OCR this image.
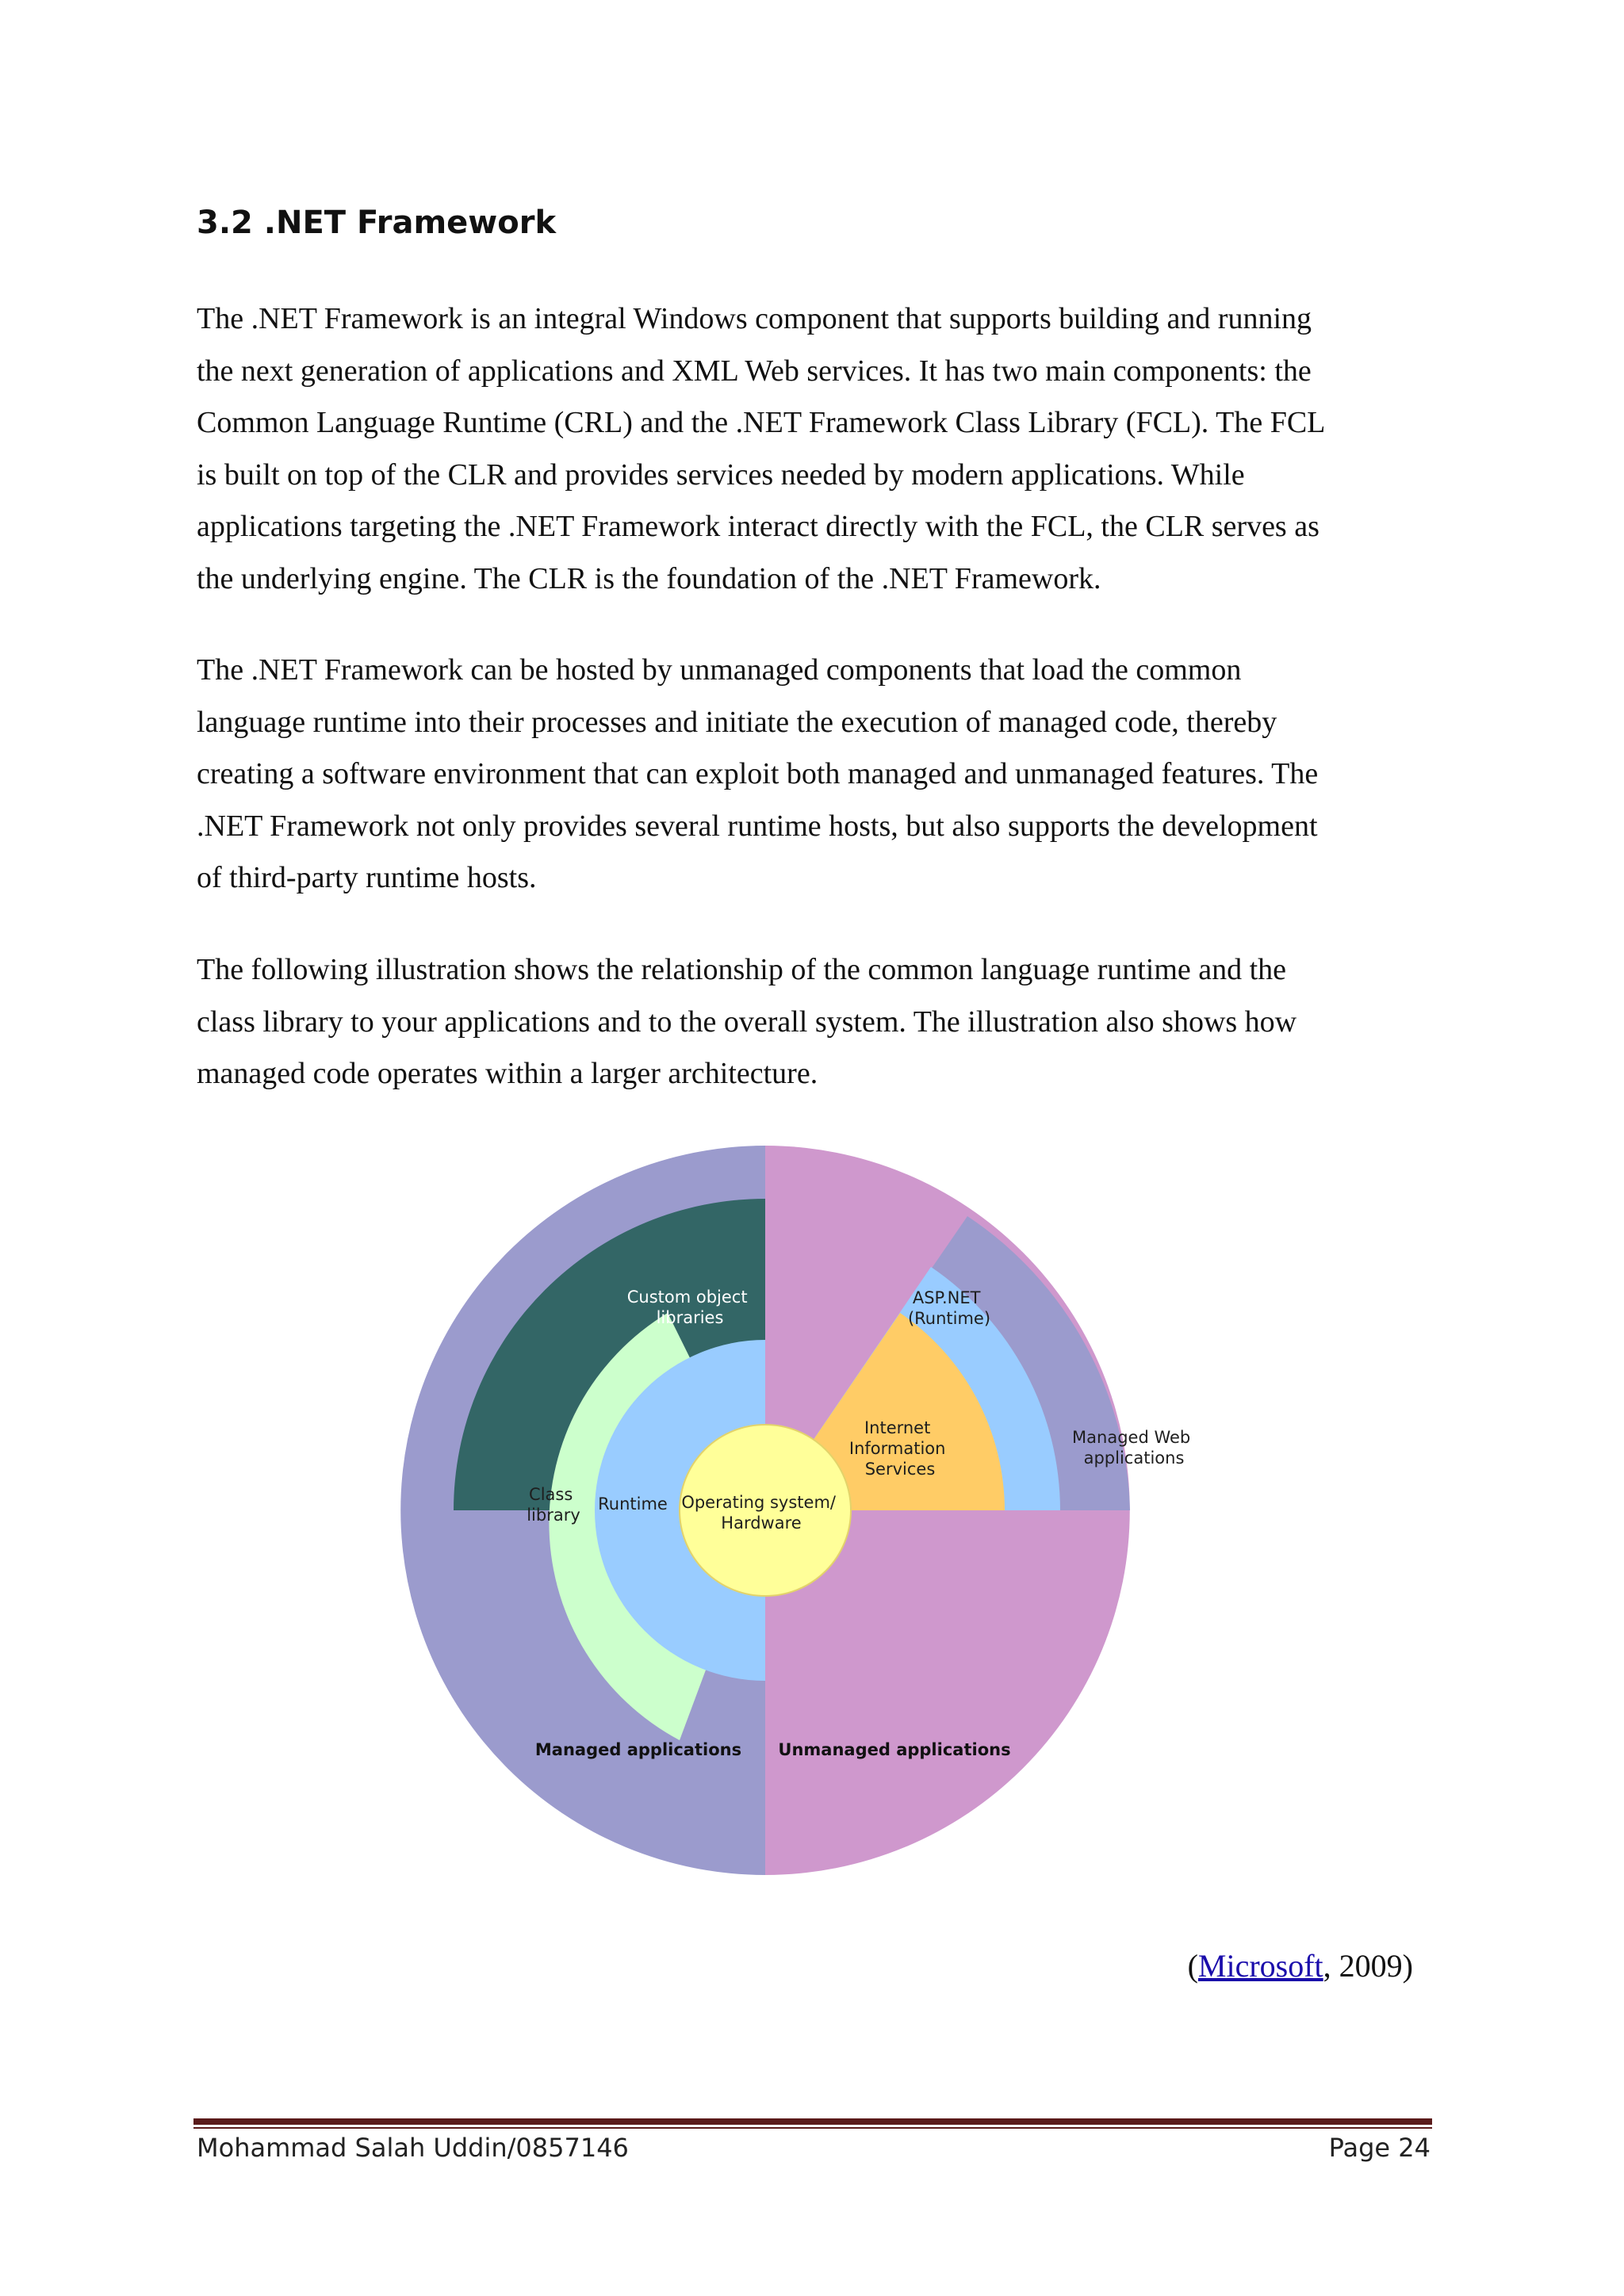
3.2 .NET Framework

The .NET Framework is an integral Windows component that supports building and running
the next generation of applications and XML Web services. It has two main components: the
Common Language Runtime (CRL) and the .NET Framework Class Library (FCL). The FCL
is built on top of the CLR and provides services needed by modern applications. While
applications targeting the .NET Framework interact directly with the FCL, the CLR serves as
the underlying engine. The CLR is the foundation of the .NET Framework.

The .NET Framework can be hosted by unmanaged components that load the common
language runtime into their processes and initiate the execution of managed code, thereby
creating a software environment that can exploit both managed and unmanaged features. The
.NET Framework not only provides several runtime hosts, but also supports the development
of third-party runtime hosts.

The following illustration shows the relationship of the common language runtime and the
class library to your applications and to the overall system. The illustration also shows how
managed code operates within a larger architecture.

Custom object libraries
ASP.NET (Runtime)
Internet Information Services
Managed Web applications
Class library
Runtime Operating system/ Hardware
Managed applications Unmanaged applications

(Microsoft, 2009)

Mohammad Salah Uddin/0857146	Page 24
